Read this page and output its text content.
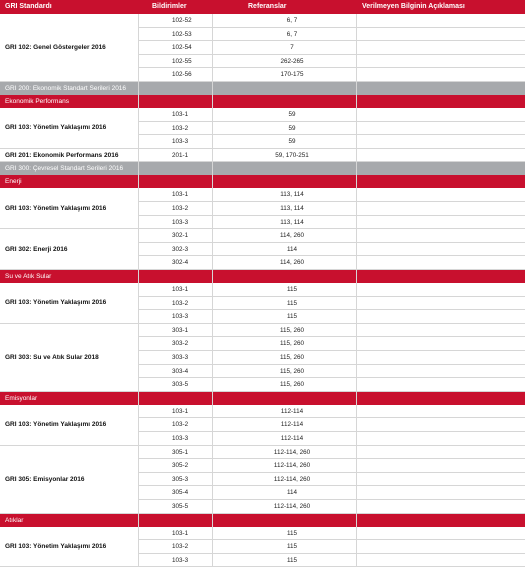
GRI Standardı	Bildirimler	Referanslar	Verilmeyen Bilginin Açıklaması
GRI 102: Genel Göstergeler 2016
102-52	6, 7
102-53	6, 7
102-54	7
102-55	262-265
102-56	170-175
GRI 200: Ekonomik Standart Serileri 2016
Ekonomik Performans
GRI 103: Yönetim Yaklaşımı 2016
103-1	59
103-2	59
103-3	59
GRI 201: Ekonomik Performans 2016	201-1	59, 170-251
GRI 300: Çevresel Standart Serileri 2016
Enerji
GRI 103: Yönetim Yaklaşımı 2016
103-1	113, 114
103-2	113, 114
103-3	113, 114
GRI 302: Enerji 2016
302-1	114, 260
302-3	114
302-4	114, 260
Su ve Atık Sular
GRI 103: Yönetim Yaklaşımı 2016
103-1	115
103-2	115
103-3	115
GRI 303: Su ve Atık Sular 2018
303-1	115, 260
303-2	115, 260
303-3	115, 260
303-4	115, 260
303-5	115, 260
Emisyonlar
GRI 103: Yönetim Yaklaşımı 2016
103-1	112-114
103-2	112-114
103-3	112-114
GRI 305: Emisyonlar 2016
305-1	112-114, 260
305-2	112-114, 260
305-3	112-114, 260
305-4	114
305-5	112-114, 260
Atıklar
GRI 103: Yönetim Yaklaşımı 2016
103-1	115
103-2	115
103-3	115
